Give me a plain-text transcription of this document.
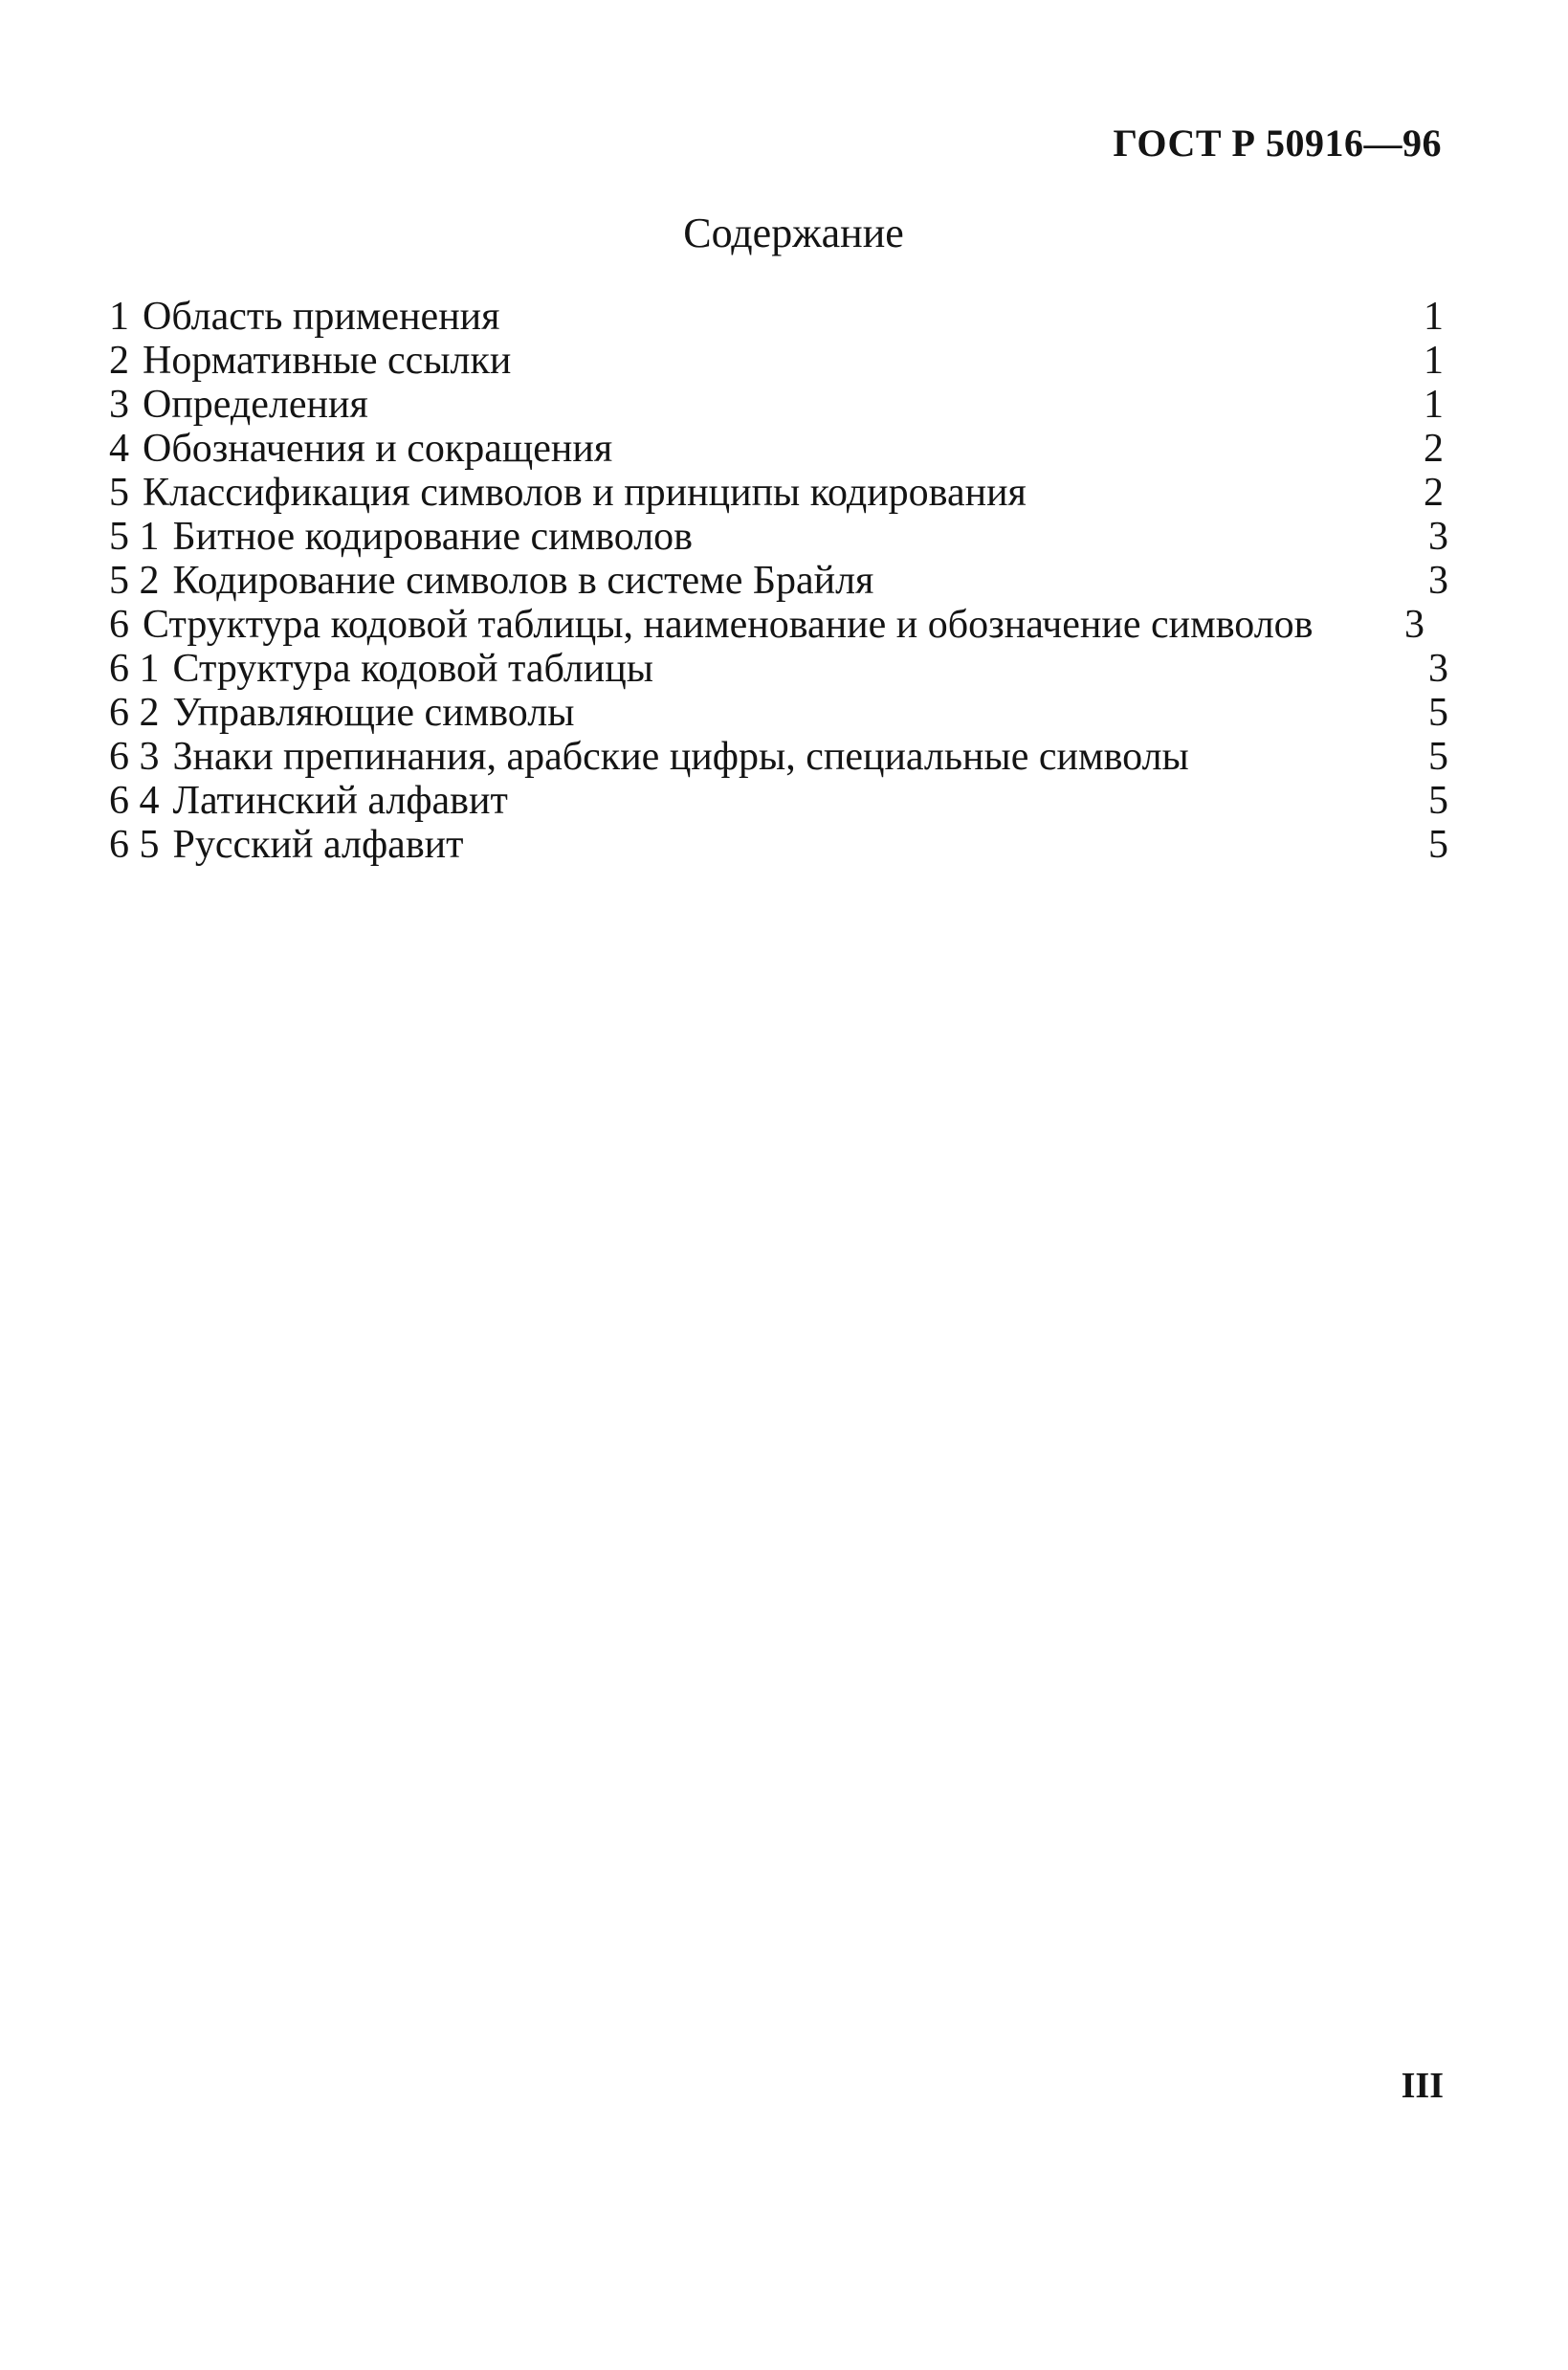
ГОСТ Р 50916—96
Содержание
1 Область применения	1
2 Нормативные ссылки	1
3 Определения	1
4 Обозначения и сокращения	2
5 Классификация символов и принципы кодирования	2
5 1 Битное кодирование символов	3
5 2 Кодирование символов в системе Брайля	3
6 Структура кодовой таблицы, наименование и обозначение символов	3
6 1 Структура кодовой таблицы	3
6 2 Управляющие символы	5
6 3 Знаки препинания, арабские цифры, специальные символы	5
6 4 Латинский алфавит	5
6 5 Русский алфавит	5
III
